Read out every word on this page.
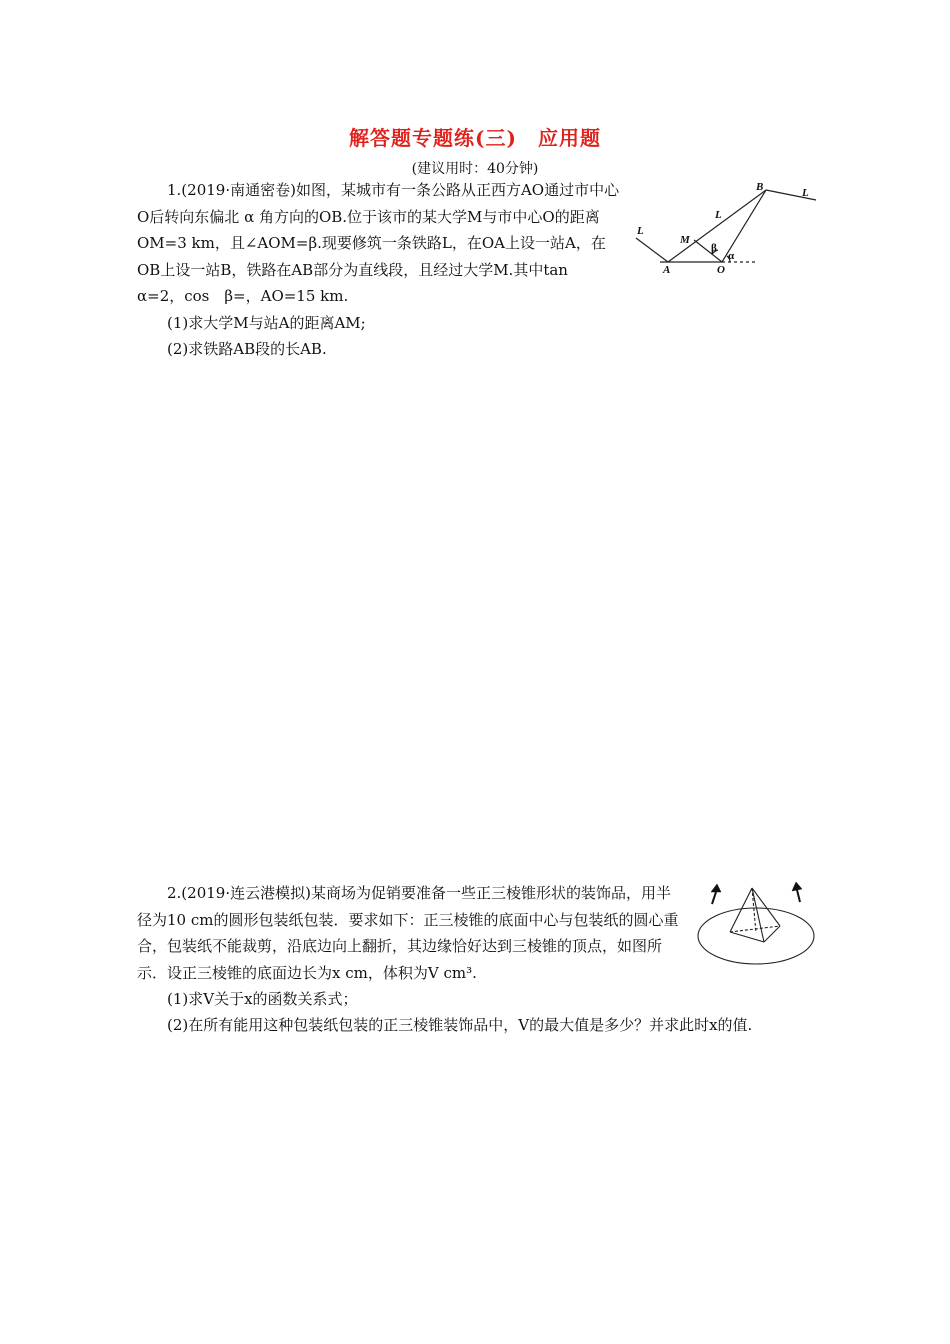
解答题专题练(三)　应用题
(建议用时：40分钟)

1.(2019·南通密卷)如图，某城市有一条公路从正西方AO通过市中心O后转向东偏北 α 角方向的OB.位于该市的某大学M与市中心O的距离OM=3 km，且∠AOM=β.现要修筑一条铁路L，在OA上设一站A，在OB上设一站B，铁路在AB部分为直线段，且经过大学M.其中tan　α=2，cos　β=，AO=15 km.

(1)求大学M与站A的距离AM;

(2)求铁路AB段的长AB.

A	O
B
M
L
L
L
β
α

2.(2019·连云港模拟)某商场为促销要准备一些正三棱锥形状的装饰品，用半径为10 cm的圆形包装纸包装．要求如下：正三棱锥的底面中心与包装纸的圆心重合，包装纸不能裁剪，沿底边向上翻折，其边缘恰好达到三棱锥的顶点，如图所示．设正三棱锥的底面边长为x cm，体积为V cm³.

(1)求V关于x的函数关系式；

(2)在所有能用这种包装纸包装的正三棱锥装饰品中，V的最大值是多少？并求此时x的值.
